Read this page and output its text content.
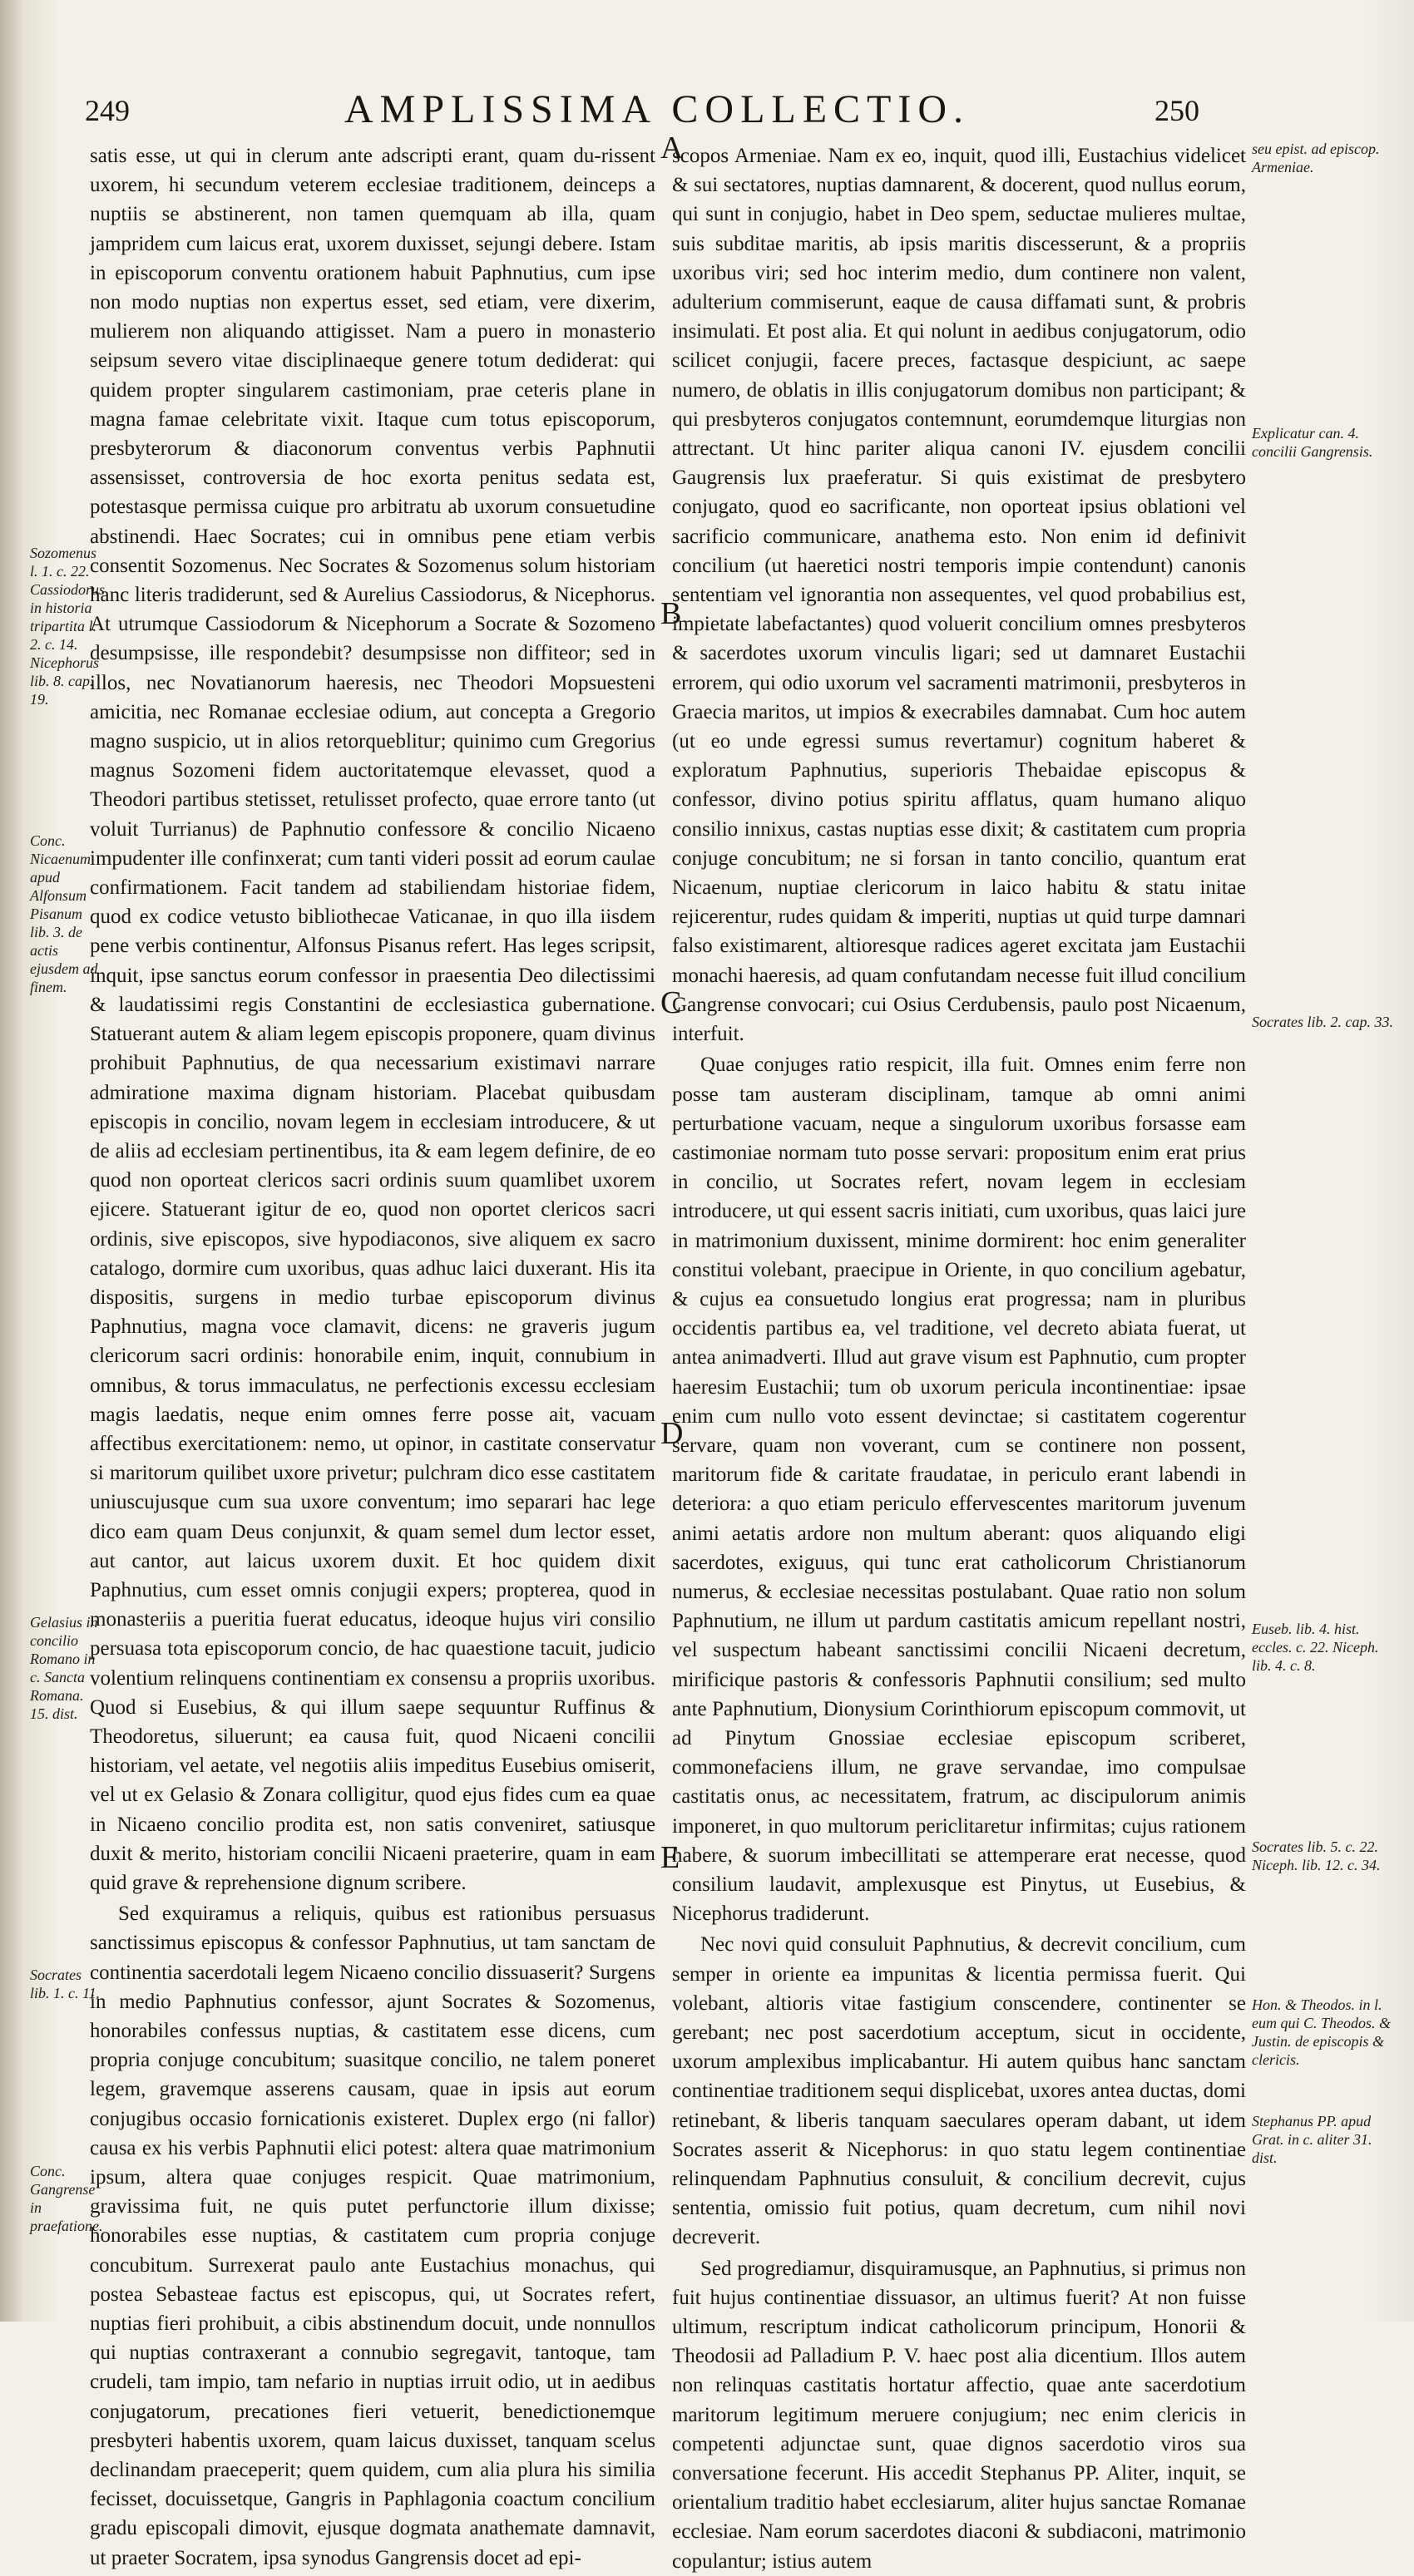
249	AMPLISSIMA COLLECTIO.	250

satis esse, ut qui in clerum ante adscripti erant, quam du-rissent uxorem, hi secundum veterem ecclesiae traditionem, deinceps a nuptiis se abstinerent, non tamen quemquam ab illa, quam jampridem cum laicus erat, uxorem duxisset, sejungi debere. Istam in episcoporum conventu orationem habuit Paphnutius, cum ipse non modo nuptias non expertus esset, sed etiam, vere dixerim, mulierem non aliquando attigisset. Nam a puero in monasterio seipsum severo vitae disciplinaeque genere totum dediderat: qui quidem propter singularem castimoniam, prae ceteris plane in magna famae celebritate vixit. Itaque cum totus episcoporum, presbyterorum & diaconorum conventus verbis Paphnutii assensisset, controversia de hoc exorta penitus sedata est, potestasque permissa cuique pro arbitratu ab uxorum consuetudine abstinendi. Haec Socrates; cui in omnibus pene etiam verbis consentit Sozomenus. Nec Socrates & Sozomenus solum historiam hanc literis tradiderunt, sed & Aurelius Cassiodorus, & Nicephorus. At utrumque Cassiodorum & Nicephorum a Socrate & Sozomeno desumpsisse, ille respondebit? desumpsisse non diffiteor; sed in illos, nec Novatianorum haeresis, nec Theodori Mopsuesteni amicitia, nec Romanae ecclesiae odium, aut concepta a Gregorio magno suspicio, ut in alios retorqueblitur; quinimo cum Gregorius magnus Sozomeni fidem auctoritatemque elevasset, quod a Theodori partibus stetisset, retulisset profecto, quae errore tanto (ut voluit Turrianus) de Paphnutio confessore & concilio Nicaeno impudenter ille confinxerat; cum tanti videri possit ad eorum caulae confirmationem. Facit tandem ad stabiliendam historiae fidem, quod ex codice vetusto bibliothecae Vaticanae, in quo illa iisdem pene verbis continentur, Alfonsus Pisanus refert. Has leges scripsit, inquit, ipse sanctus eorum confessor in praesentia Deo dilectissimi & laudatissimi regis Constantini de ecclesiastica gubernatione. Statuerant autem & aliam legem episcopis proponere, quam divinus prohibuit Paphnutius, de qua necessarium existimavi narrare admiratione maxima dignam historiam. Placebat quibusdam episcopis in concilio, novam legem in ecclesiam introducere, & ut de aliis ad ecclesiam pertinentibus, ita & eam legem definire, de eo quod non oporteat clericos sacri ordinis suum quamlibet uxorem ejicere. Statuerant igitur de eo, quod non oportet clericos sacri ordinis, sive episcopos, sive hypodiaconos, sive aliquem ex sacro catalogo, dormire cum uxoribus, quas adhuc laici duxerant. His ita dispositis, surgens in medio turbae episcoporum divinus Paphnutius, magna voce clamavit, dicens: ne graveris jugum clericorum sacri ordinis: honorabile enim, inquit, connubium in omnibus, & torus immaculatus, ne perfectionis excessu ecclesiam magis laedatis, neque enim omnes ferre posse ait, vacuam affectibus exercitationem: nemo, ut opinor, in castitate conservatur si maritorum quilibet uxore privetur; pulchram dico esse castitatem uniuscujusque cum sua uxore conventum; imo separari hac lege dico eam quam Deus conjunxit, & quam semel dum lector esset, aut cantor, aut laicus uxorem duxit. Et hoc quidem dixit Paphnutius, cum esset omnis conjugii expers; propterea, quod in monasteriis a pueritia fuerat educatus, ideoque hujus viri consilio persuasa tota episcoporum concio, de hac quaestione tacuit, judicio volentium relinquens continentiam ex consensu a propriis uxoribus. Quod si Eusebius, & qui illum saepe sequuntur Ruffinus & Theodoretus, siluerunt; ea causa fuit, quod Nicaeni concilii historiam, vel aetate, vel negotiis aliis impeditus Eusebius omiserit, vel ut ex Gelasio & Zonara colligitur, quod ejus fides cum ea quae in Nicaeno concilio prodita est, non satis conveniret, satiusque duxit & merito, historiam concilii Nicaeni praeterire, quam in eam quid grave & reprehensione dignum scribere.

Sed exquiramus a reliquis, quibus est rationibus persuasus sanctissimus episcopus & confessor Paphnutius, ut tam sanctam de continentia sacerdotali legem Nicaeno concilio dissuaserit? Surgens in medio Paphnutius confessor, ajunt Socrates & Sozomenus, honorabiles confessus nuptias, & castitatem esse dicens, cum propria conjuge concubitum; suasitque concilio, ne talem poneret legem, gravemque asserens causam, quae in ipsis aut eorum conjugibus occasio fornicationis existeret. Duplex ergo (ni fallor) causa ex his verbis Paphnutii elici potest: altera quae matrimonium ipsum, altera quae conjuges respicit. Quae matrimonium, gravissima fuit, ne quis putet perfunctorie illum dixisse; honorabiles esse nuptias, & castitatem cum propria conjuge concubitum. Surrexerat paulo ante Eustachius monachus, qui postea Sebasteae factus est episcopus, qui, ut Socrates refert, nuptias fieri prohibuit, a cibis abstinendum docuit, unde nonnullos qui nuptias contraxerant a connubio segregavit, tantoque, tam crudeli, tam impio, tam nefario in nuptias irruit odio, ut in aedibus conjugatorum, precationes fieri vetuerit, benedictionemque presbyteri habentis uxorem, quam laicus duxisset, tanquam scelus declinandam praeceperit; quem quidem, cum alia plura his similia fecisset, docuissetque, Gangris in Paphlagonia coactum concilium gradu episcopali dimovit, ejusque dogmata anathemate damnavit, ut praeter Socratem, ipsa synodus Gangrensis docet ad epi-

scopos Armeniae. Nam ex eo, inquit, quod illi, Eustachius videlicet & sui sectatores, nuptias damnarent, & docerent, quod nullus eorum, qui sunt in conjugio, habet in Deo spem, seductae mulieres multae, suis subditae maritis, ab ipsis maritis discesserunt, & a propriis uxoribus viri; sed hoc interim medio, dum continere non valent, adulterium commiserunt, eaque de causa diffamati sunt, & probris insimulati. Et post alia. Et qui nolunt in aedibus conjugatorum, odio scilicet conjugii, facere preces, factasque despiciunt, ac saepe numero, de oblatis in illis conjugatorum domibus non participant; & qui presbyteros conjugatos contemnunt, eorumdemque liturgias non attrectant. Ut hinc pariter aliqua canoni IV. ejusdem concilii Gaugrensis lux praeferatur. Si quis existimat de presbytero conjugato, quod eo sacrificante, non oporteat ipsius oblationi vel sacrificio communicare, anathema esto. Non enim id definivit concilium (ut haeretici nostri temporis impie contendunt) canonis sententiam vel ignorantia non assequentes, vel quod probabilius est, impietate labefactantes) quod voluerit concilium omnes presbyteros & sacerdotes uxorum vinculis ligari; sed ut damnaret Eustachii errorem, qui odio uxorum vel sacramenti matrimonii, presbyteros in Graecia maritos, ut impios & execrabiles damnabat. Cum hoc autem (ut eo unde egressi sumus revertamur) cognitum haberet & exploratum Paphnutius, superioris Thebaidae episcopus & confessor, divino potius spiritu afflatus, quam humano aliquo consilio innixus, castas nuptias esse dixit; & castitatem cum propria conjuge concubitum; ne si forsan in tanto concilio, quantum erat Nicaenum, nuptiae clericorum in laico habitu & statu initae rejicerentur, rudes quidam & imperiti, nuptias ut quid turpe damnari falso existimarent, altioresque radices ageret excitata jam Eustachii monachi haeresis, ad quam confutandam necesse fuit illud concilium Gangrense convocari; cui Osius Cerdubensis, paulo post Nicaenum, interfuit.

Quae conjuges ratio respicit, illa fuit. Omnes enim ferre non posse tam austeram disciplinam, tamque ab omni animi perturbatione vacuam, neque a singulorum uxoribus forsasse eam castimoniae normam tuto posse servari: propositum enim erat prius in concilio, ut Socrates refert, novam legem in ecclesiam introducere, ut qui essent sacris initiati, cum uxoribus, quas laici jure in matrimonium duxissent, minime dormirent: hoc enim generaliter constitui volebant, praecipue in Oriente, in quo concilium agebatur, & cujus ea consuetudo longius erat progressa; nam in pluribus occidentis partibus ea, vel traditione, vel decreto abiata fuerat, ut antea animadverti. Illud aut grave visum est Paphnutio, cum propter haeresim Eustachii; tum ob uxorum pericula incontinentiae: ipsae enim cum nullo voto essent devinctae; si castitatem cogerentur servare, quam non voverant, cum se continere non possent, maritorum fide & caritate fraudatae, in periculo erant labendi in deteriora: a quo etiam periculo effervescentes maritorum juvenum animi aetatis ardore non multum aberant: quos aliquando eligi sacerdotes, exiguus, qui tunc erat catholicorum Christianorum numerus, & ecclesiae necessitas postulabant. Quae ratio non solum Paphnutium, ne illum ut pardum castitatis amicum repellant nostri, vel suspectum habeant sanctissimi concilii Nicaeni decretum, mirificique pastoris & confessoris Paphnutii consilium; sed multo ante Paphnutium, Dionysium Corinthiorum episcopum commovit, ut ad Pinytum Gnossiae ecclesiae episcopum scriberet, commonefaciens illum, ne grave servandae, imo compulsae castitatis onus, ac necessitatem, fratrum, ac discipulorum animis imponeret, in quo multorum periclitaretur infirmitas; cujus rationem habere, & suorum imbecillitati se attemperare erat necesse, quod consilium laudavit, amplexusque est Pinytus, ut Eusebius, & Nicephorus tradiderunt.

Nec novi quid consuluit Paphnutius, & decrevit concilium, cum semper in oriente ea impunitas & licentia permissa fuerit. Qui volebant, altioris vitae fastigium conscendere, continenter se gerebant; nec post sacerdotium acceptum, sicut in occidente, uxorum amplexibus implicabantur. Hi autem quibus hanc sanctam continentiae traditionem sequi displicebat, uxores antea ductas, domi retinebant, & liberis tanquam saeculares operam dabant, ut idem Socrates asserit & Nicephorus: in quo statu legem continentiae relinquendam Paphnutius consuluit, & concilium decrevit, cujus sententia, omissio fuit potius, quam decretum, cum nihil novi decreverit.

Sed progrediamur, disquiramusque, an Paphnutius, si primus non fuit hujus continentiae dissuasor, an ultimus fuerit? At non fuisse ultimum, rescriptum indicat catholicorum principum, Honorii & Theodosii ad Palladium P. V. haec post alia dicentium. Illos autem non relinquas castitatis hortatur affectio, quae ante sacerdotium maritorum legitimum meruere conjugium; nec enim clericis in competenti adjunctae sunt, quae dignos sacerdotio viros sua conversatione fecerunt. His accedit Stephanus PP. Aliter, inquit, se orientalium traditio habet ecclesiarum, aliter hujus sanctae Romanae ecclesiae. Nam eorum sacerdotes diaconi & subdiaconi, matrimonio copulantur; istius autem

A
B
C
D
E
Sozomenus l. 1. c. 22. Cassiodorus in historia tripartita l. 2. c. 14. Nicephorus lib. 8. cap. 19.
Conc. Nicaenum apud Alfonsum Pisanum lib. 3. de actis ejusdem ad finem.
Gelasius in concilio Romano in c. Sancta Romana. 15. dist.
Socrates lib. 1. c. 11.
Conc. Gangrense in praefatione.
seu epist. ad episcop. Armeniae.
Explicatur can. 4. concilii Gangrensis.
Socrates lib. 2. cap. 33.
Euseb. lib. 4. hist. eccles. c. 22. Niceph. lib. 4. c. 8.
Socrates lib. 5. c. 22. Niceph. lib. 12. c. 34.
Hon. & Theodos. in l. eum qui C. Theodos. & Justin. de episcopis & clericis.
Stephanus PP. apud Grat. in c. aliter 31. dist.
